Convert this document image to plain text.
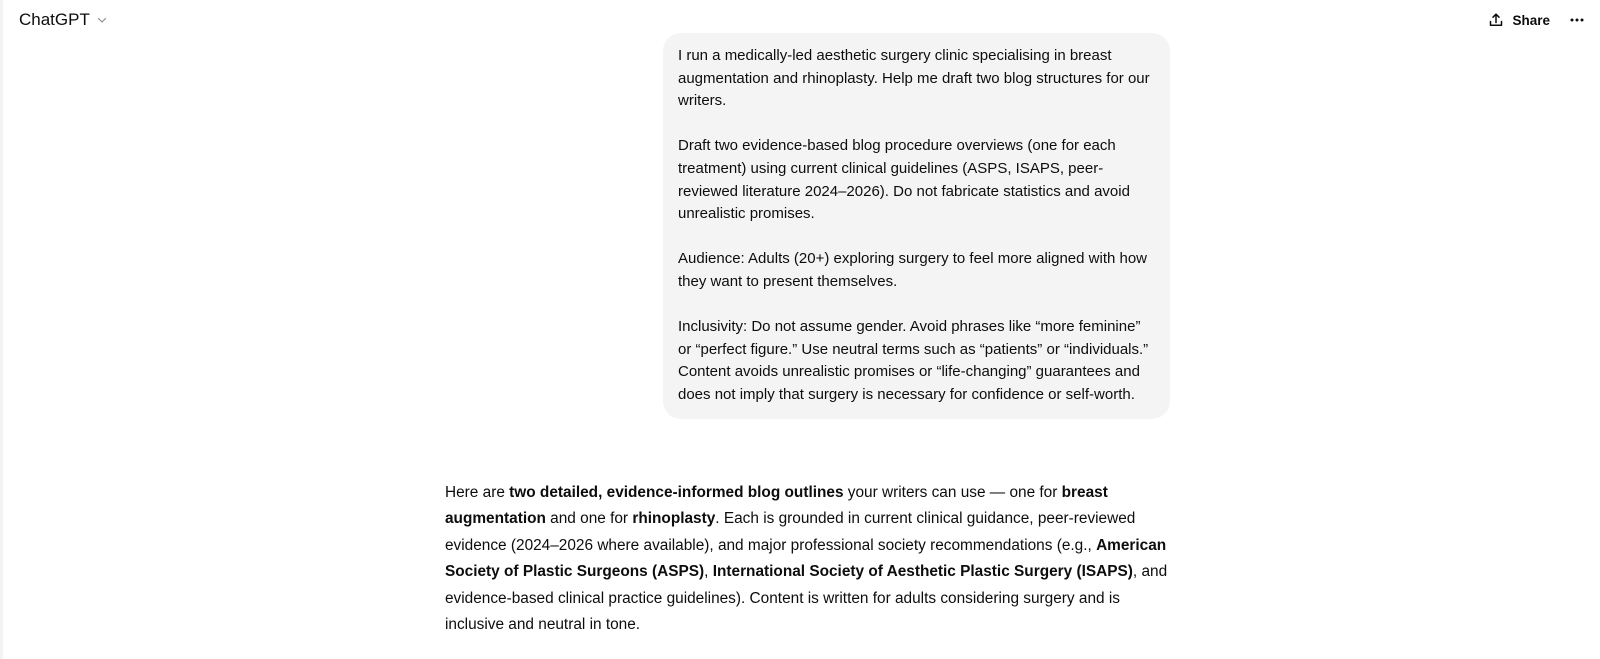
ChatGPT	Share

I run a medically-led aesthetic surgery clinic specialising in breast augmentation and rhinoplasty. Help me draft two blog structures for our writers.

Draft two evidence-based blog procedure overviews (one for each treatment) using current clinical guidelines (ASPS, ISAPS, peer-reviewed literature 2024–2026). Do not fabricate statistics and avoid unrealistic promises.

Audience: Adults (20+) exploring surgery to feel more aligned with how they want to present themselves.

Inclusivity: Do not assume gender. Avoid phrases like “more feminine” or “perfect figure.” Use neutral terms such as “patients” or “individuals.” Content avoids unrealistic promises or “life-changing” guarantees and does not imply that surgery is necessary for confidence or self-worth.

Here are two detailed, evidence-informed blog outlines your writers can use — one for breast augmentation and one for rhinoplasty. Each is grounded in current clinical guidance, peer-reviewed evidence (2024–2026 where available), and major professional society recommendations (e.g., American Society of Plastic Surgeons (ASPS), International Society of Aesthetic Plastic Surgery (ISAPS), and evidence-based clinical practice guidelines). Content is written for adults considering surgery and is inclusive and neutral in tone.
